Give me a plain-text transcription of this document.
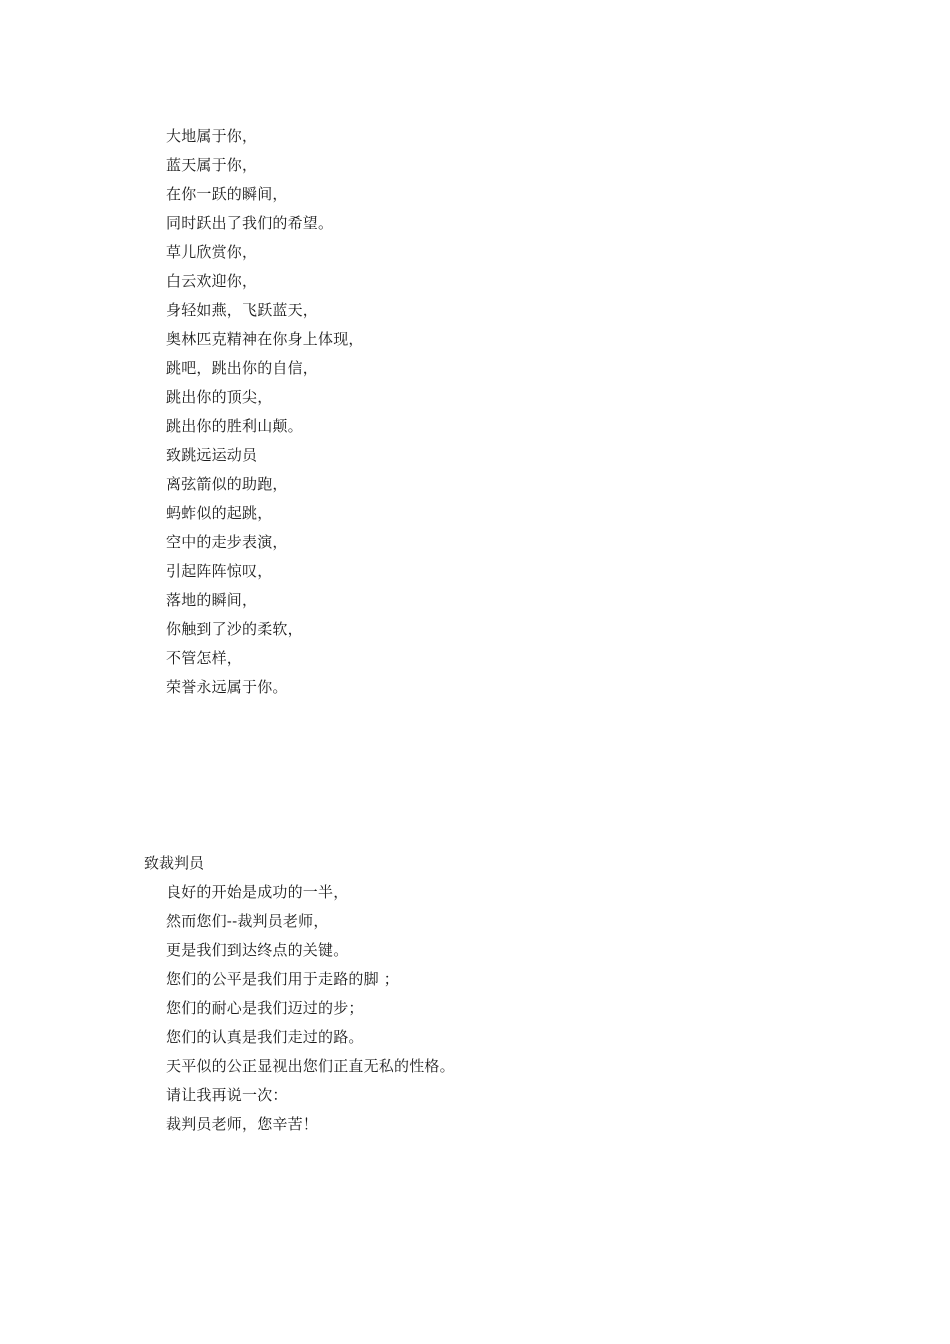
大地属于你，
蓝天属于你，
在你一跃的瞬间，
同时跃出了我们的希望。
草儿欣赏你，
白云欢迎你，
身轻如燕，飞跃蓝天，
奥林匹克精神在你身上体现，
跳吧，跳出你的自信，
跳出你的顶尖，
跳出你的胜利山颠。
致跳远运动员
离弦箭似的助跑，
蚂蚱似的起跳，
空中的走步表演，
引起阵阵惊叹，
落地的瞬间，
你触到了沙的柔软，
不管怎样，
荣誉永远属于你。
致裁判员
良好的开始是成功的一半，
然而您们--裁判员老师，
更是我们到达终点的关键。
您们的公平是我们用于走路的脚 ；
您们的耐心是我们迈过的步；
您们的认真是我们走过的路。
天平似的公正显视出您们正直无私的性格。
请让我再说一次：
裁判员老师，您辛苦！
